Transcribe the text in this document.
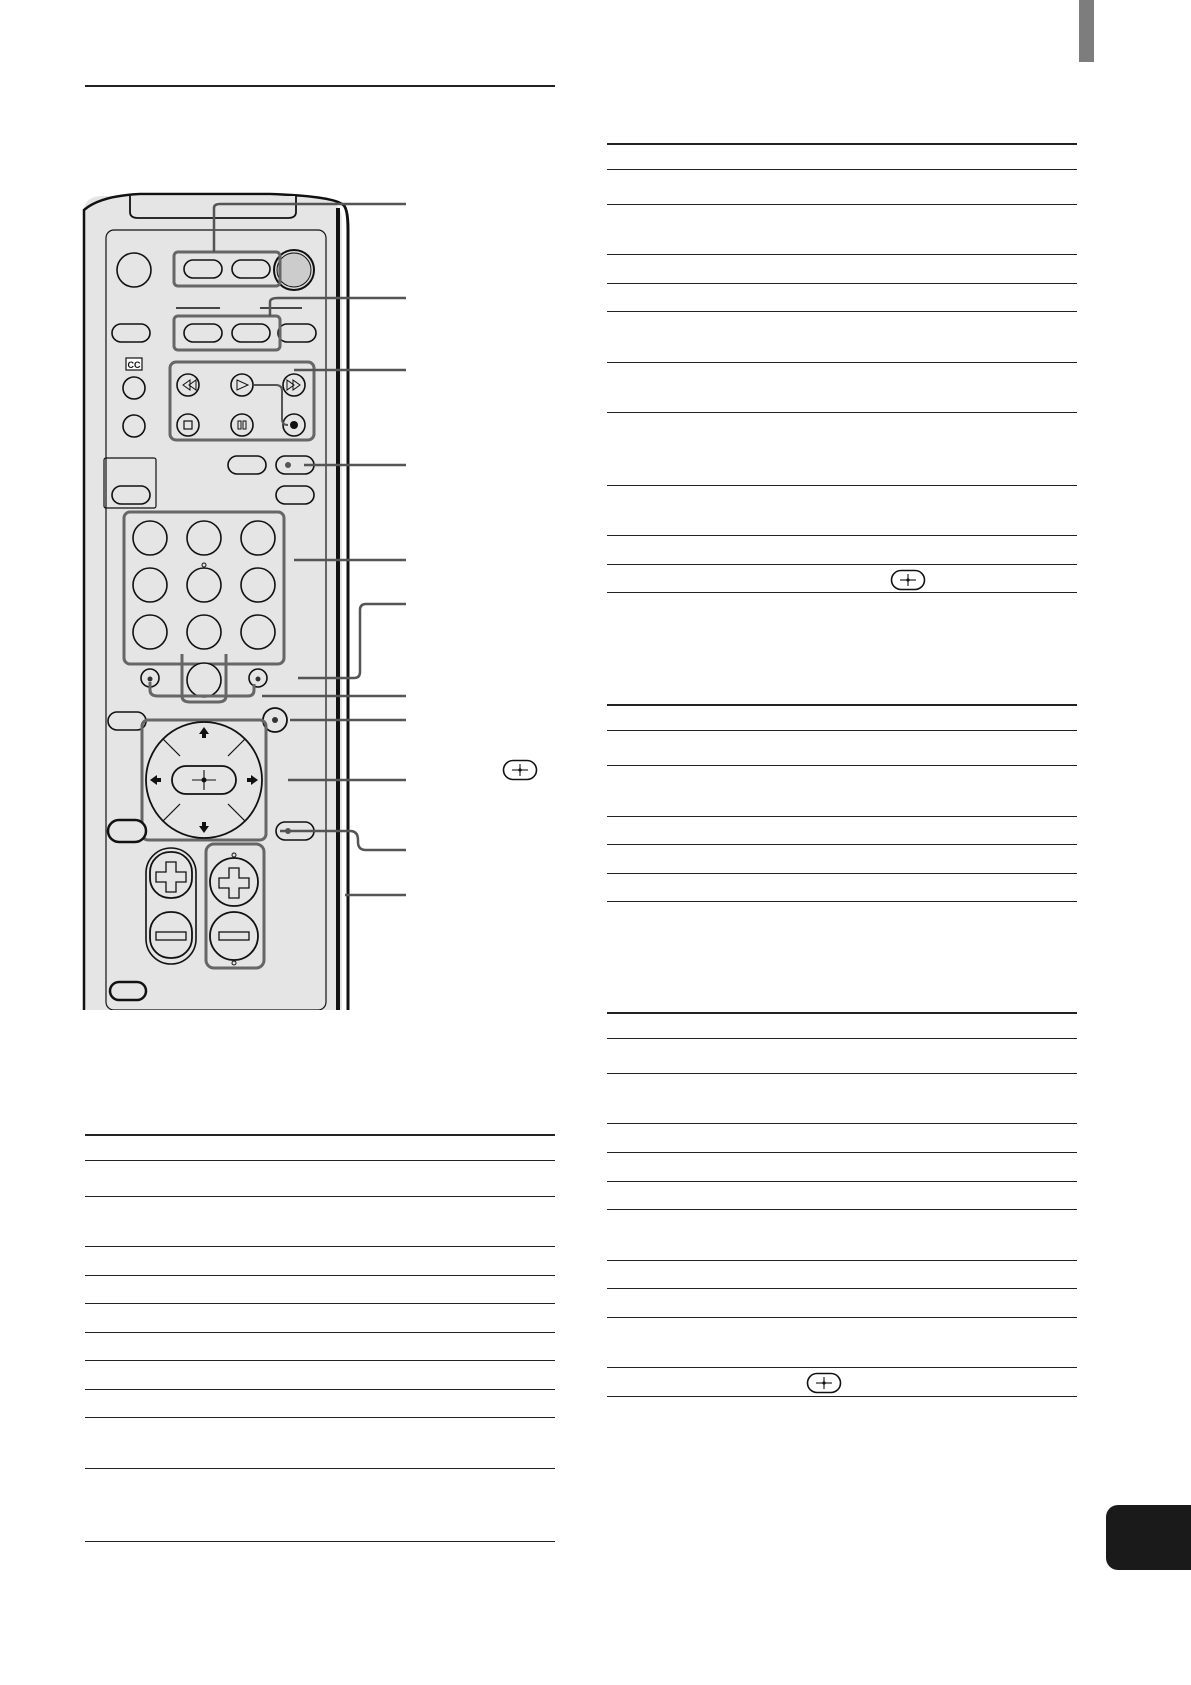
CC
